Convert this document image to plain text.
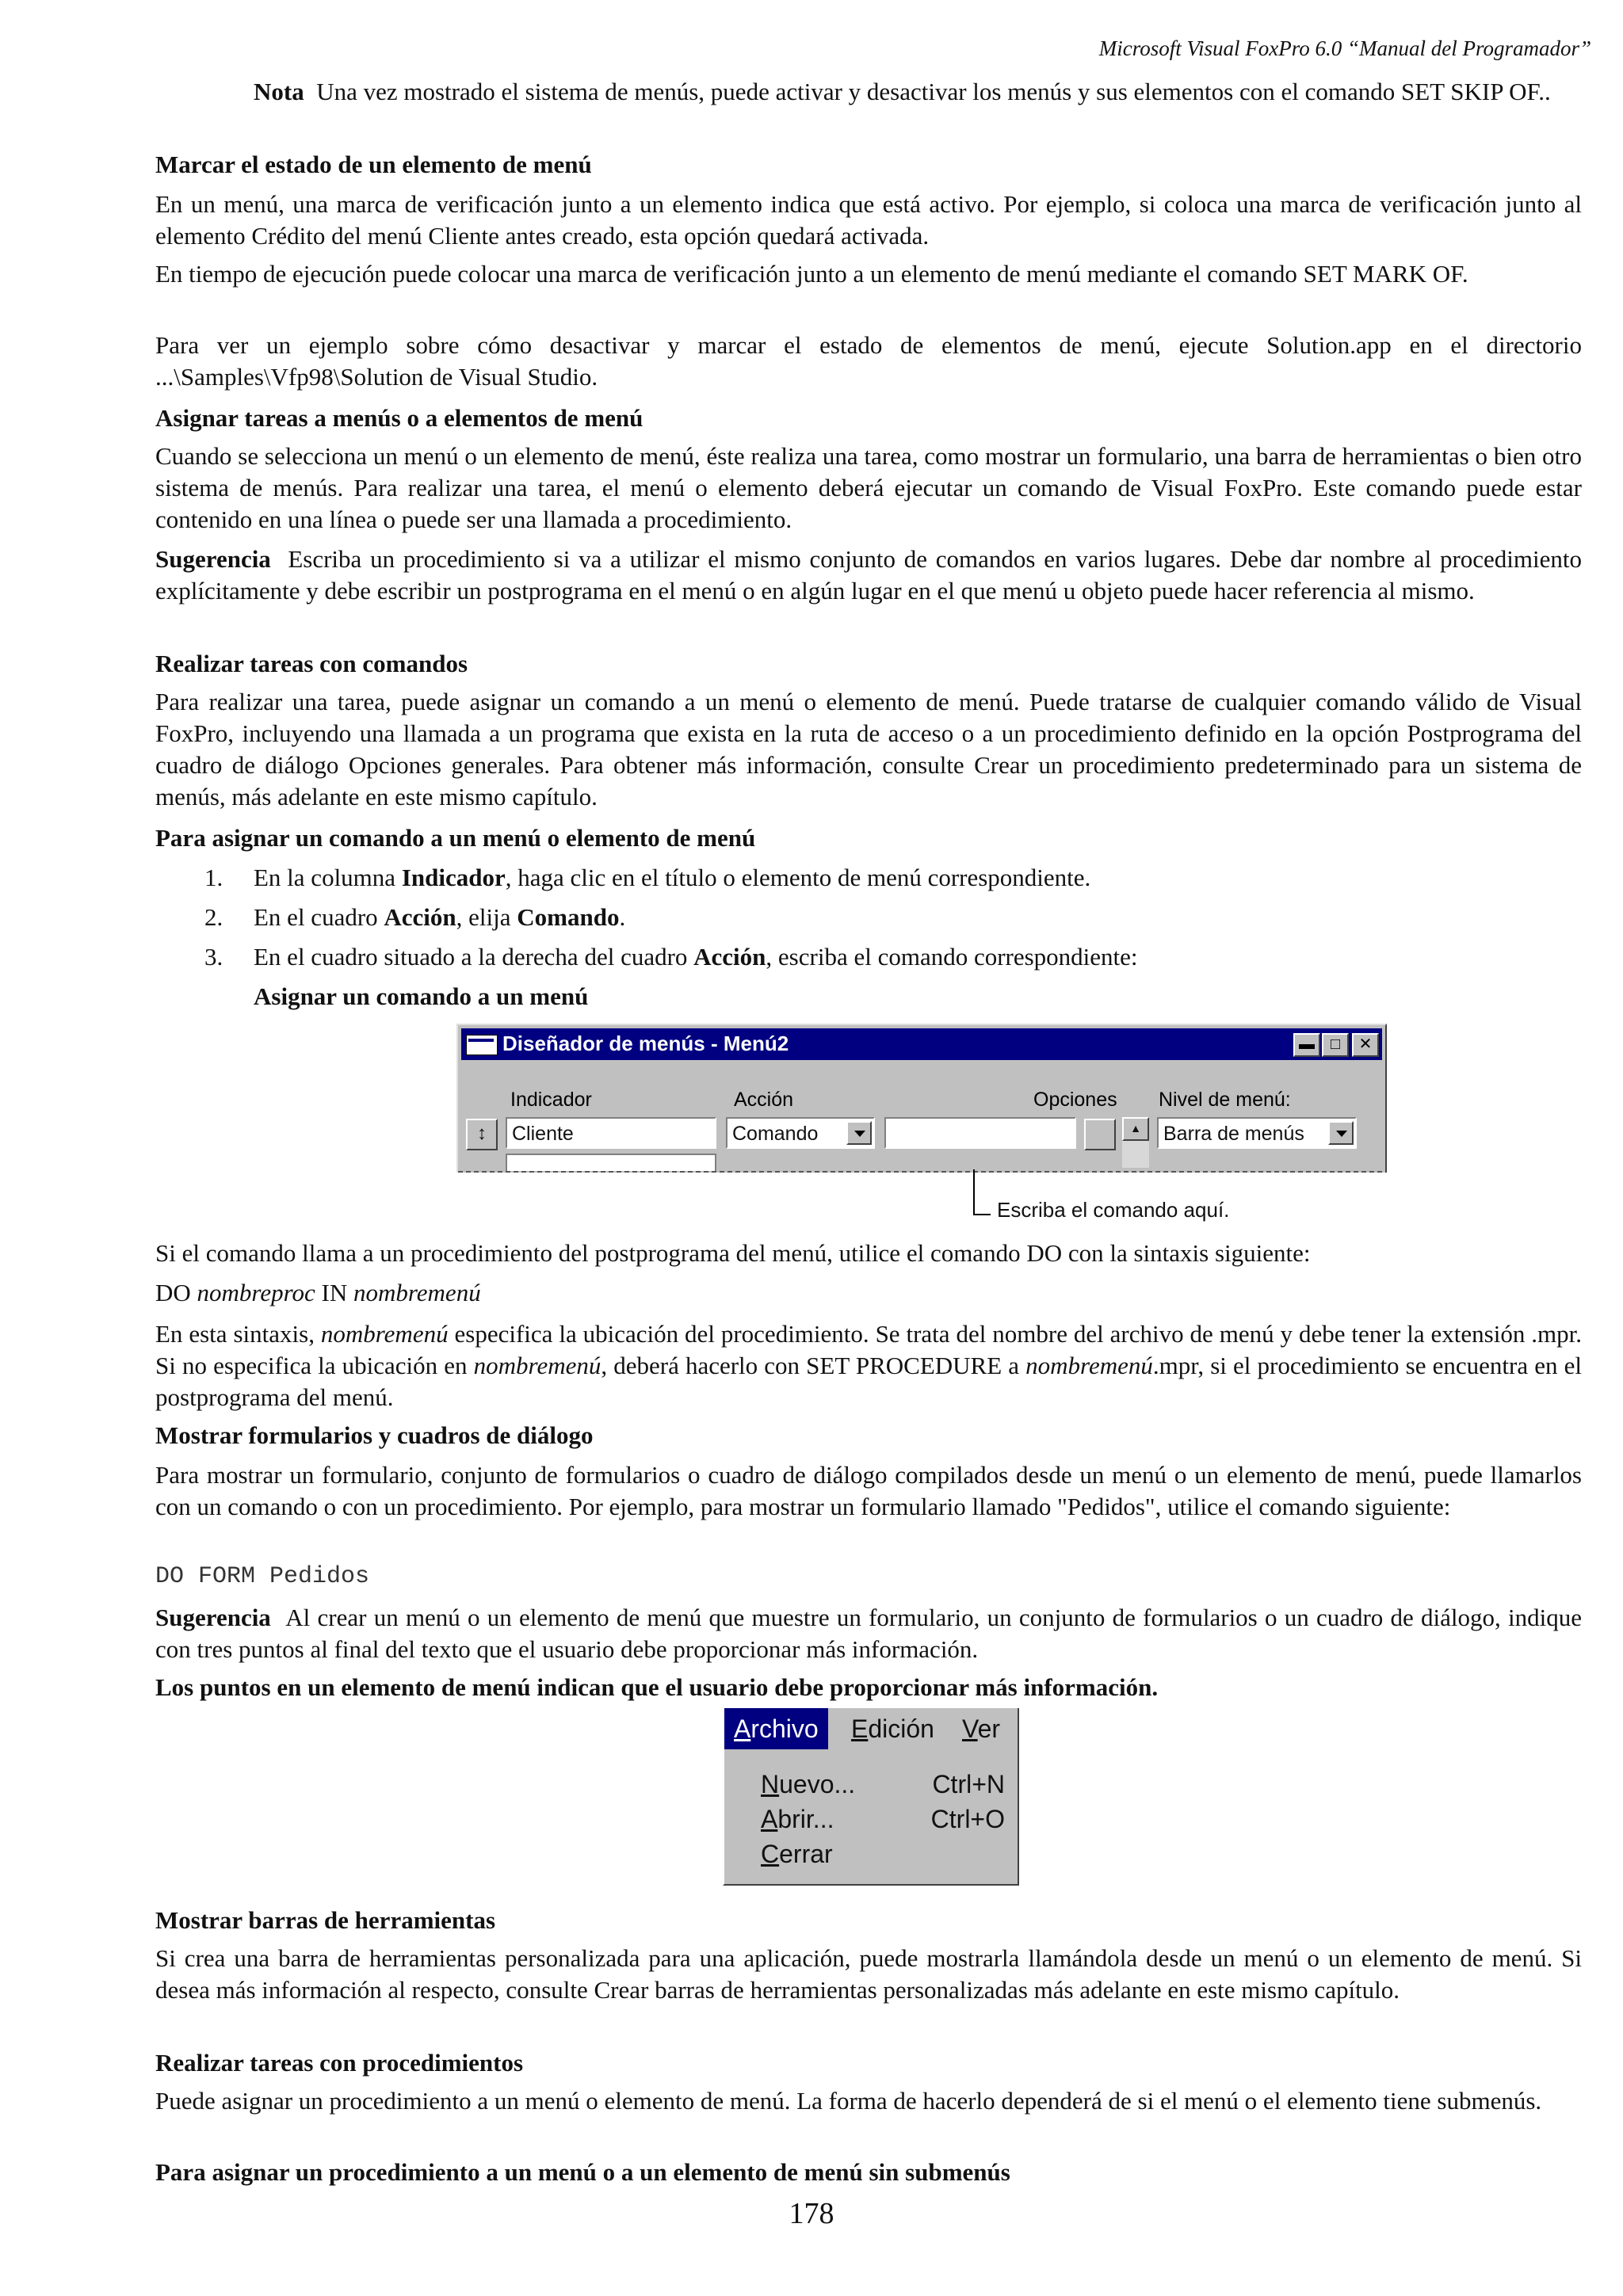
Microsoft Visual FoxPro 6.0 “Manual del Programador”
Nota Una vez mostrado el sistema de menús, puede activar y desactivar los menús y sus elementos con el comando SET SKIP OF..
Marcar el estado de un elemento de menú
En un menú, una marca de verificación junto a un elemento indica que está activo. Por ejemplo, si coloca una marca de verificación junto al elemento Crédito del menú Cliente antes creado, esta opción quedará activada.
En tiempo de ejecución puede colocar una marca de verificación junto a un elemento de menú mediante el comando SET MARK OF.
Para ver un ejemplo sobre cómo desactivar y marcar el estado de elementos de menú, ejecute Solution.app en el directorio ...\Samples\Vfp98\Solution de Visual Studio.
Asignar tareas a menús o a elementos de menú
Cuando se selecciona un menú o un elemento de menú, éste realiza una tarea, como mostrar un formulario, una barra de herramientas o bien otro sistema de menús. Para realizar una tarea, el menú o elemento deberá ejecutar un comando de Visual FoxPro. Este comando puede estar contenido en una línea o puede ser una llamada a procedimiento.
Sugerencia Escriba un procedimiento si va a utilizar el mismo conjunto de comandos en varios lugares. Debe dar nombre al procedimiento explícitamente y debe escribir un postprograma en el menú o en algún lugar en el que menú u objeto puede hacer referencia al mismo.
Realizar tareas con comandos
Para realizar una tarea, puede asignar un comando a un menú o elemento de menú. Puede tratarse de cualquier comando válido de Visual FoxPro, incluyendo una llamada a un programa que exista en la ruta de acceso o a un procedimiento definido en la opción Postprograma del cuadro de diálogo Opciones generales. Para obtener más información, consulte Crear un procedimiento predeterminado para un sistema de menús, más adelante en este mismo capítulo.
Para asignar un comando a un menú o elemento de menú
1. En la columna Indicador, haga clic en el título o elemento de menú correspondiente.
2. En el cuadro Acción, elija Comando.
3. En el cuadro situado a la derecha del cuadro Acción, escriba el comando correspondiente:
Asignar un comando a un menú
Diseñador de menús - Menú2	▬ □	✕
Indicador	Acción	Opciones Nivel de menú:
↕	Cliente	Comando	▲	Barra de menús
Escriba el comando aquí.
Si el comando llama a un procedimiento del postprograma del menú, utilice el comando DO con la sintaxis siguiente:
DO nombreproc IN nombremenú
En esta sintaxis, nombremenú especifica la ubicación del procedimiento. Se trata del nombre del archivo de menú y debe tener la extensión .mpr. Si no especifica la ubicación en nombremenú, deberá hacerlo con SET PROCEDURE a nombremenú.mpr, si el procedimiento se encuentra en el postprograma del menú.
Mostrar formularios y cuadros de diálogo
Para mostrar un formulario, conjunto de formularios o cuadro de diálogo compilados desde un menú o un elemento de menú, puede llamarlos con un comando o con un procedimiento. Por ejemplo, para mostrar un formulario llamado "Pedidos", utilice el comando siguiente:
DO FORM Pedidos
Sugerencia Al crear un menú o un elemento de menú que muestre un formulario, un conjunto de formularios o un cuadro de diálogo, indique con tres puntos al final del texto que el usuario debe proporcionar más información.
Los puntos en un elemento de menú indican que el usuario debe proporcionar más información.
Archivo	Edición Ver
Nuevo...	Ctrl+N
Abrir...	Ctrl+O
Cerrar
Mostrar barras de herramientas
Si crea una barra de herramientas personalizada para una aplicación, puede mostrarla llamándola desde un menú o un elemento de menú. Si desea más información al respecto, consulte Crear barras de herramientas personalizadas más adelante en este mismo capítulo.
Realizar tareas con procedimientos
Puede asignar un procedimiento a un menú o elemento de menú. La forma de hacerlo dependerá de si el menú o el elemento tiene submenús.
Para asignar un procedimiento a un menú o a un elemento de menú sin submenús
178
